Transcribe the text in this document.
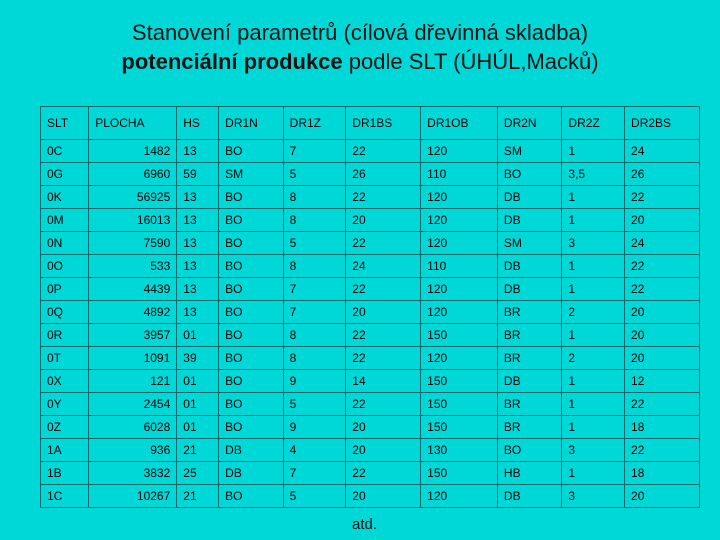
Stanovení parametrů (cílová dřevinná skladba)
potenciální produkce podle SLT (ÚHÚL,Macků)
SLT	PLOCHA	HS	DR1N	DR1Z	DR1BS	DR1OB	DR2N	DR2Z	DR2BS
0C	1482	13	BO	7	22	120	SM	1	24
0G	6960	59	SM	5	26	110	BO	3,5	26
0K	56925	13	BO	8	22	120	DB	1	22
0M	16013	13	BO	8	20	120	DB	1	20
0N	7590	13	BO	5	22	120	SM	3	24
0O	533	13	BO	8	24	110	DB	1	22
0P	4439	13	BO	7	22	120	DB	1	22
0Q	4892	13	BO	7	20	120	BR	2	20
0R	3957	01	BO	8	22	150	BR	1	20
0T	1091	39	BO	8	22	120	BR	2	20
0X	121	01	BO	9	14	150	DB	1	12
0Y	2454	01	BO	5	22	150	BR	1	22
0Z	6028	01	BO	9	20	150	BR	1	18
1A	936	21	DB	4	20	130	BO	3	22
1B	3832	25	DB	7	22	150	HB	1	18
1C	10267	21	BO	5	20	120	DB	3	20
atd.
